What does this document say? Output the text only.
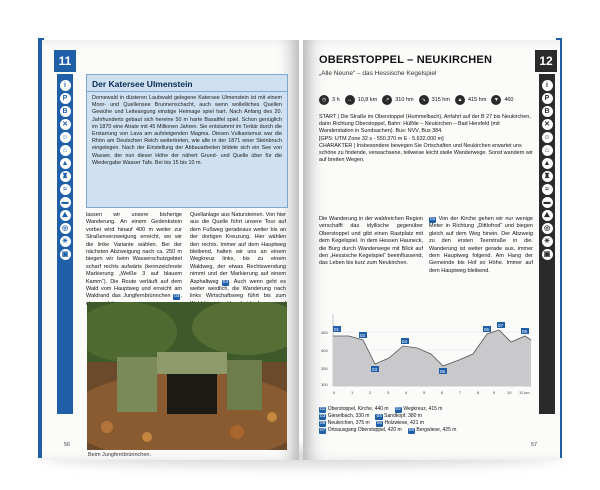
11
i
P
B
✕
☺
⌂
▲
♜
≈
▬
⛰
◎
☀
▣
Der Katersee Ulmenstein
Dornewald in düsteren Laubwald gelegene Katersee Ulmenstein ist mit einem Moor- und Quellensee Brunnenschacht, auch wenn wollelliches Quellen Gewühe und Leiteangung einstige Heimage spiel hart. Nach Anfang des 20. Jahrhunderts gebaut sich hereine 50 m harte Basaltfel spiel. Schon genüglich im 1870 eine Atrate mit 45 Millionen Jahren. Sie entstammt im Tertiär durch die Erstarrung von Lava am aufsteigenden Magma. Diesen Vulkanismus war die Rhön am Deutschen Reich weitertreten, wie alle in der 1871 einer Steinbruch eingelegen. Nach der Einstellung der Abbauarbeiten bildete sich ein See von Wasser, der nun dieser Höhe der nähert Grund- und Quelle über für die Wiedergabe Wasser Tafs. Bei bis 15 bis 10 m.
lassen wir unsere bisherige Wanderung. An einem Gedenkstein vorbei wird hinauf 400 m weiter zur Straßenverzweigung erreicht, wo wir die linke Variante wählen. Bei der nächsten Abzweigung nach ca. 250 m biegen wir beim Wasserschutzgebiet scharf rechts aufwärts (kennzeichnete Markierung „Weiße 3 auf blauem Kamm“). Die Route verläuft auf dem Wald vom Hauptweg und erreicht am Waldrand das Jungfernbrünnchen 03,
Quellanlage aus Natursteinen. Von hier aus die Quelle führt unsere Tour auf dem Fußweg geradeaus weiter bis an der dortigen Kreuzung. Hier wählen den rechts. Immer auf dem Hauptweg bleibend, halten wir uns an einem Wegkreuz links, bis zu einem Waldweg, der etwas Rechtswendung nimmt und der Markierung auf einem Asphaltweg 04. Auch wenn geht es weiter westlich, die Wanderung nach links Wirtschaftsweg führt bis zum
Beim Jungfernbrünnchen.
56
12
i
P
B
✕
☺
⌂
▲
♜
≈
▬
⛰
◎
☀
▣
OBERSTOPPEL – NEUKIRCHEN
„Alle Neune“ – das Hessische Kegelspiel
◷	3 h	↔	10,8 km	↗	310 hm	↘	315 hm	▲	415 hm	▼	460
START | Die Straße im Oberstoppel (Hummelbach), Anfahrt auf der B 27 bis Neukirchen, dann Richtung Oberstoppel, Bahn: Hülfde – Neukirchen – Bad Hersfeld (mit Wanderstation in Sundsachen). Bus: NVV, Bus 384.
[GPS: UTM Zone 32 s · 550.370 m E · 5.632.000 m]
CHARAKTER | Insbesondere bewegen Sie Ortschaften und Neukirchen erwartet uns schöne zu findende, verwachsene, teilweise leicht steile Wanderwege. Sonst wandern wir auf breiten Wegen.
Die Wanderung in der waldreichen Region verschafft das idyllische gegenüber Oberstoppel und gibt einen Rastplatz mit dem Kegelspiel. In dem Hessen Hauneck, die Burg durch Wanderwege mit Blick auf den „Hessische Kegelspiel“ beeinflussend, das Leben bis kurz zum Neukirchen.
01 Von der Kirche gehen wir nur wenige Meter in Richtung „Dittlofrod“ und biegen gleich auf dem Weg hinein. Der Abzweig zu den ersten Teerstraße in die. Wanderung ist weiter gerade aus, immer dem Hauptweg folgend. Am Hang der Gemeinde bis Hof so Höhe. Immer auf dem Hauptweg bleibend.
01
02
03
04
05
06
07
08
450
400
350
300
0	1	2	3	4	5	6	7	8	9	10 11 km
01 Oberstoppel, Kirche, 440 m 02 Wegkreuz, 415 m
03 Gieselbach, 330 m 04 Sandkopf, 380 m
05 Neukirchen, 375 m 06 Holzwiese, 421 m
07 Ortsausgang Oberstoppel, 420 m 08 Bergwiese, 425 m
57
